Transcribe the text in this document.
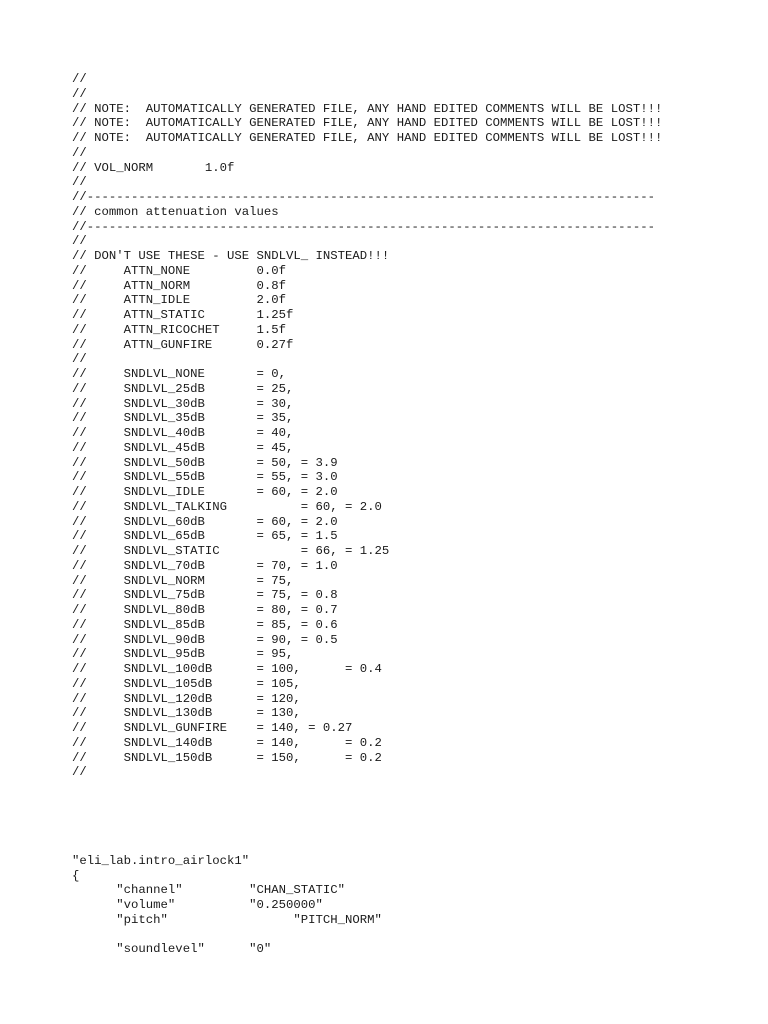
//
//
// NOTE:  AUTOMATICALLY GENERATED FILE, ANY HAND EDITED COMMENTS WILL BE LOST!!!
// NOTE:  AUTOMATICALLY GENERATED FILE, ANY HAND EDITED COMMENTS WILL BE LOST!!!
// NOTE:  AUTOMATICALLY GENERATED FILE, ANY HAND EDITED COMMENTS WILL BE LOST!!!
//
// VOL_NORM       1.0f
//
//-----------------------------------------------------------------------------
// common attenuation values
//-----------------------------------------------------------------------------
//
// DON'T USE THESE - USE SNDLVL_ INSTEAD!!!
//     ATTN_NONE         0.0f
//     ATTN_NORM         0.8f
//     ATTN_IDLE         2.0f
//     ATTN_STATIC       1.25f
//     ATTN_RICOCHET     1.5f
//     ATTN_GUNFIRE      0.27f
//
//     SNDLVL_NONE       = 0,
//     SNDLVL_25dB       = 25,
//     SNDLVL_30dB       = 30,
//     SNDLVL_35dB       = 35,
//     SNDLVL_40dB       = 40,
//     SNDLVL_45dB       = 45,
//     SNDLVL_50dB       = 50, = 3.9
//     SNDLVL_55dB       = 55, = 3.0
//     SNDLVL_IDLE       = 60, = 2.0
//     SNDLVL_TALKING          = 60, = 2.0
//     SNDLVL_60dB       = 60, = 2.0
//     SNDLVL_65dB       = 65, = 1.5
//     SNDLVL_STATIC           = 66, = 1.25
//     SNDLVL_70dB       = 70, = 1.0
//     SNDLVL_NORM       = 75,
//     SNDLVL_75dB       = 75, = 0.8
//     SNDLVL_80dB       = 80, = 0.7
//     SNDLVL_85dB       = 85, = 0.6
//     SNDLVL_90dB       = 90, = 0.5
//     SNDLVL_95dB       = 95,
//     SNDLVL_100dB      = 100,      = 0.4
//     SNDLVL_105dB      = 105,
//     SNDLVL_120dB      = 120,
//     SNDLVL_130dB      = 130,
//     SNDLVL_GUNFIRE    = 140, = 0.27
//     SNDLVL_140dB      = 140,      = 0.2
//     SNDLVL_150dB      = 150,      = 0.2
//
"eli_lab.intro_airlock1"
{
"channel"         "CHAN_STATIC"
"volume"          "0.250000"
"pitch"                 "PITCH_NORM"
"soundlevel"      "0"
